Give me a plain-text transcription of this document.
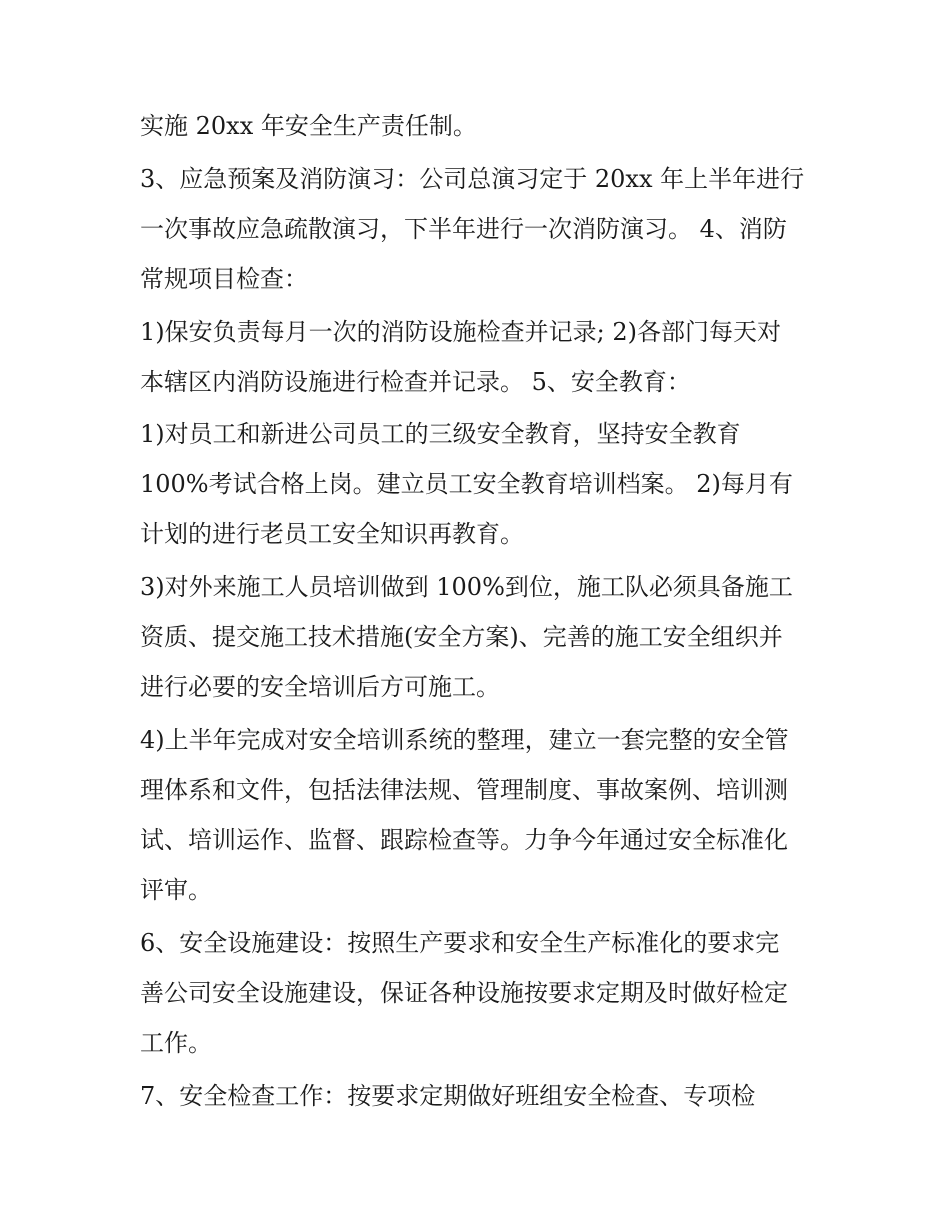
实施 20xx 年安全生产责任制。
3、应急预案及消防演习：公司总演习定于 20xx 年上半年进行
一次事故应急疏散演习，下半年进行一次消防演习。 4、消防
常规项目检查：
1)保安负责每月一次的消防设施检查并记录; 2)各部门每天对
本辖区内消防设施进行检查并记录。 5、安全教育：
1)对员工和新进公司员工的三级安全教育，坚持安全教育
100%考试合格上岗。建立员工安全教育培训档案。 2)每月有
计划的进行老员工安全知识再教育。
3)对外来施工人员培训做到 100%到位，施工队必须具备施工
资质、提交施工技术措施(安全方案)、完善的施工安全组织并
进行必要的安全培训后方可施工。
4)上半年完成对安全培训系统的整理，建立一套完整的安全管
理体系和文件，包括法律法规、管理制度、事故案例、培训测
试、培训运作、监督、跟踪检查等。力争今年通过安全标准化
评审。
6、安全设施建设：按照生产要求和安全生产标准化的要求完
善公司安全设施建设，保证各种设施按要求定期及时做好检定
工作。
7、安全检查工作：按要求定期做好班组安全检查、专项检
